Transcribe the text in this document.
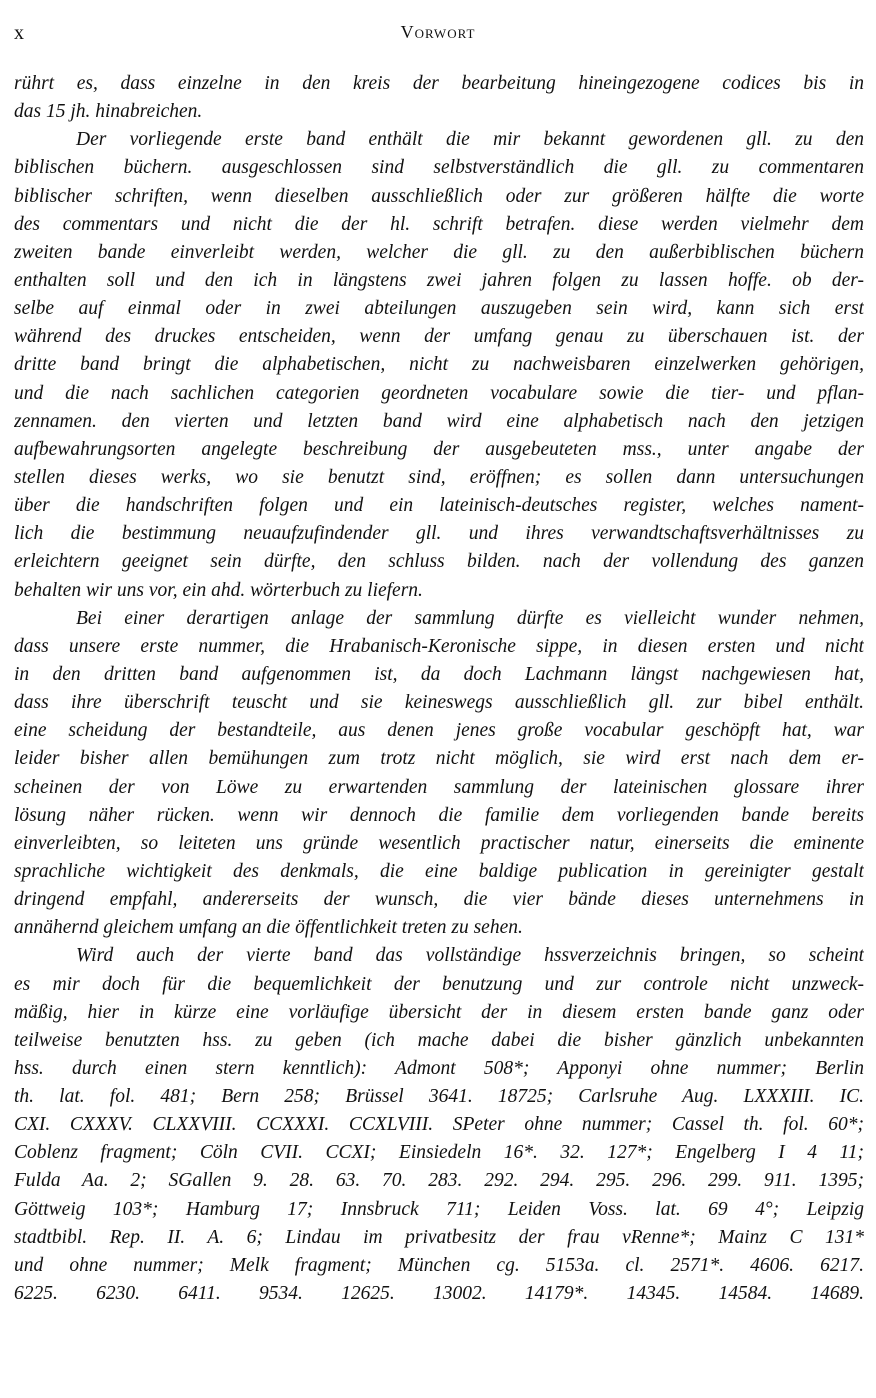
x	Vorwort
rührt es, dass einzelne in den kreis der bearbeitung hineingezogene codices bis in
das 15 jh. hinabreichen.
Der vorliegende erste band enthält die mir bekannt gewordenen gll. zu den
biblischen büchern. ausgeschlossen sind selbstverständlich die gll. zu commentaren
biblischer schriften, wenn dieselben ausschließlich oder zur größeren hälfte die worte
des commentars und nicht die der hl. schrift betrafen. diese werden vielmehr dem
zweiten bande einverleibt werden, welcher die gll. zu den außerbiblischen büchern
enthalten soll und den ich in längstens zwei jahren folgen zu lassen hoffe. ob der-
selbe auf einmal oder in zwei abteilungen auszugeben sein wird, kann sich erst
während des druckes entscheiden, wenn der umfang genau zu überschauen ist. der
dritte band bringt die alphabetischen, nicht zu nachweisbaren einzelwerken gehörigen,
und die nach sachlichen categorien geordneten vocabulare sowie die tier- und pflan-
zennamen. den vierten und letzten band wird eine alphabetisch nach den jetzigen
aufbewahrungsorten angelegte beschreibung der ausgebeuteten mss., unter angabe der
stellen dieses werks, wo sie benutzt sind, eröffnen; es sollen dann untersuchungen
über die handschriften folgen und ein lateinisch-deutsches register, welches nament-
lich die bestimmung neuaufzufindender gll. und ihres verwandtschaftsverhältnisses zu
erleichtern geeignet sein dürfte, den schluss bilden. nach der vollendung des ganzen
behalten wir uns vor, ein ahd. wörterbuch zu liefern.
Bei einer derartigen anlage der sammlung dürfte es vielleicht wunder nehmen,
dass unsere erste nummer, die Hrabanisch-Keronische sippe, in diesen ersten und nicht
in den dritten band aufgenommen ist, da doch Lachmann längst nachgewiesen hat,
dass ihre überschrift teuscht und sie keineswegs ausschließlich gll. zur bibel enthält.
eine scheidung der bestandteile, aus denen jenes große vocabular geschöpft hat, war
leider bisher allen bemühungen zum trotz nicht möglich, sie wird erst nach dem er-
scheinen der von Löwe zu erwartenden sammlung der lateinischen glossare ihrer
lösung näher rücken. wenn wir dennoch die familie dem vorliegenden bande bereits
einverleibten, so leiteten uns gründe wesentlich practischer natur, einerseits die eminente
sprachliche wichtigkeit des denkmals, die eine baldige publication in gereinigter gestalt
dringend empfahl, andererseits der wunsch, die vier bände dieses unternehmens in
annähernd gleichem umfang an die öffentlichkeit treten zu sehen.
Wird auch der vierte band das vollständige hssverzeichnis bringen, so scheint
es mir doch für die bequemlichkeit der benutzung und zur controle nicht unzweck-
mäßig, hier in kürze eine vorläufige übersicht der in diesem ersten bande ganz oder
teilweise benutzten hss. zu geben (ich mache dabei die bisher gänzlich unbekannten
hss. durch einen stern kenntlich): Admont 508*; Apponyi ohne nummer; Berlin
th. lat. fol. 481; Bern 258; Brüssel 3641. 18725; Carlsruhe Aug. LXXXIII. IC.
CXI. CXXXV. CLXXVIII. CCXXXI. CCXLVIII. SPeter ohne nummer; Cassel th. fol. 60*;
Coblenz fragment; Cöln CVII. CCXI; Einsiedeln 16*. 32. 127*; Engelberg I 4 11;
Fulda Aa. 2; SGallen 9. 28. 63. 70. 283. 292. 294. 295. 296. 299. 911. 1395;
Göttweig 103*; Hamburg 17; Innsbruck 711; Leiden Voss. lat. 69 4°; Leipzig
stadtbibl. Rep. II. A. 6; Lindau im privatbesitz der frau vRenne*; Mainz C 131*
und ohne nummer; Melk fragment; München cg. 5153a. cl. 2571*. 4606. 6217.
6225. 6230. 6411. 9534. 12625. 13002. 14179*. 14345. 14584. 14689.
